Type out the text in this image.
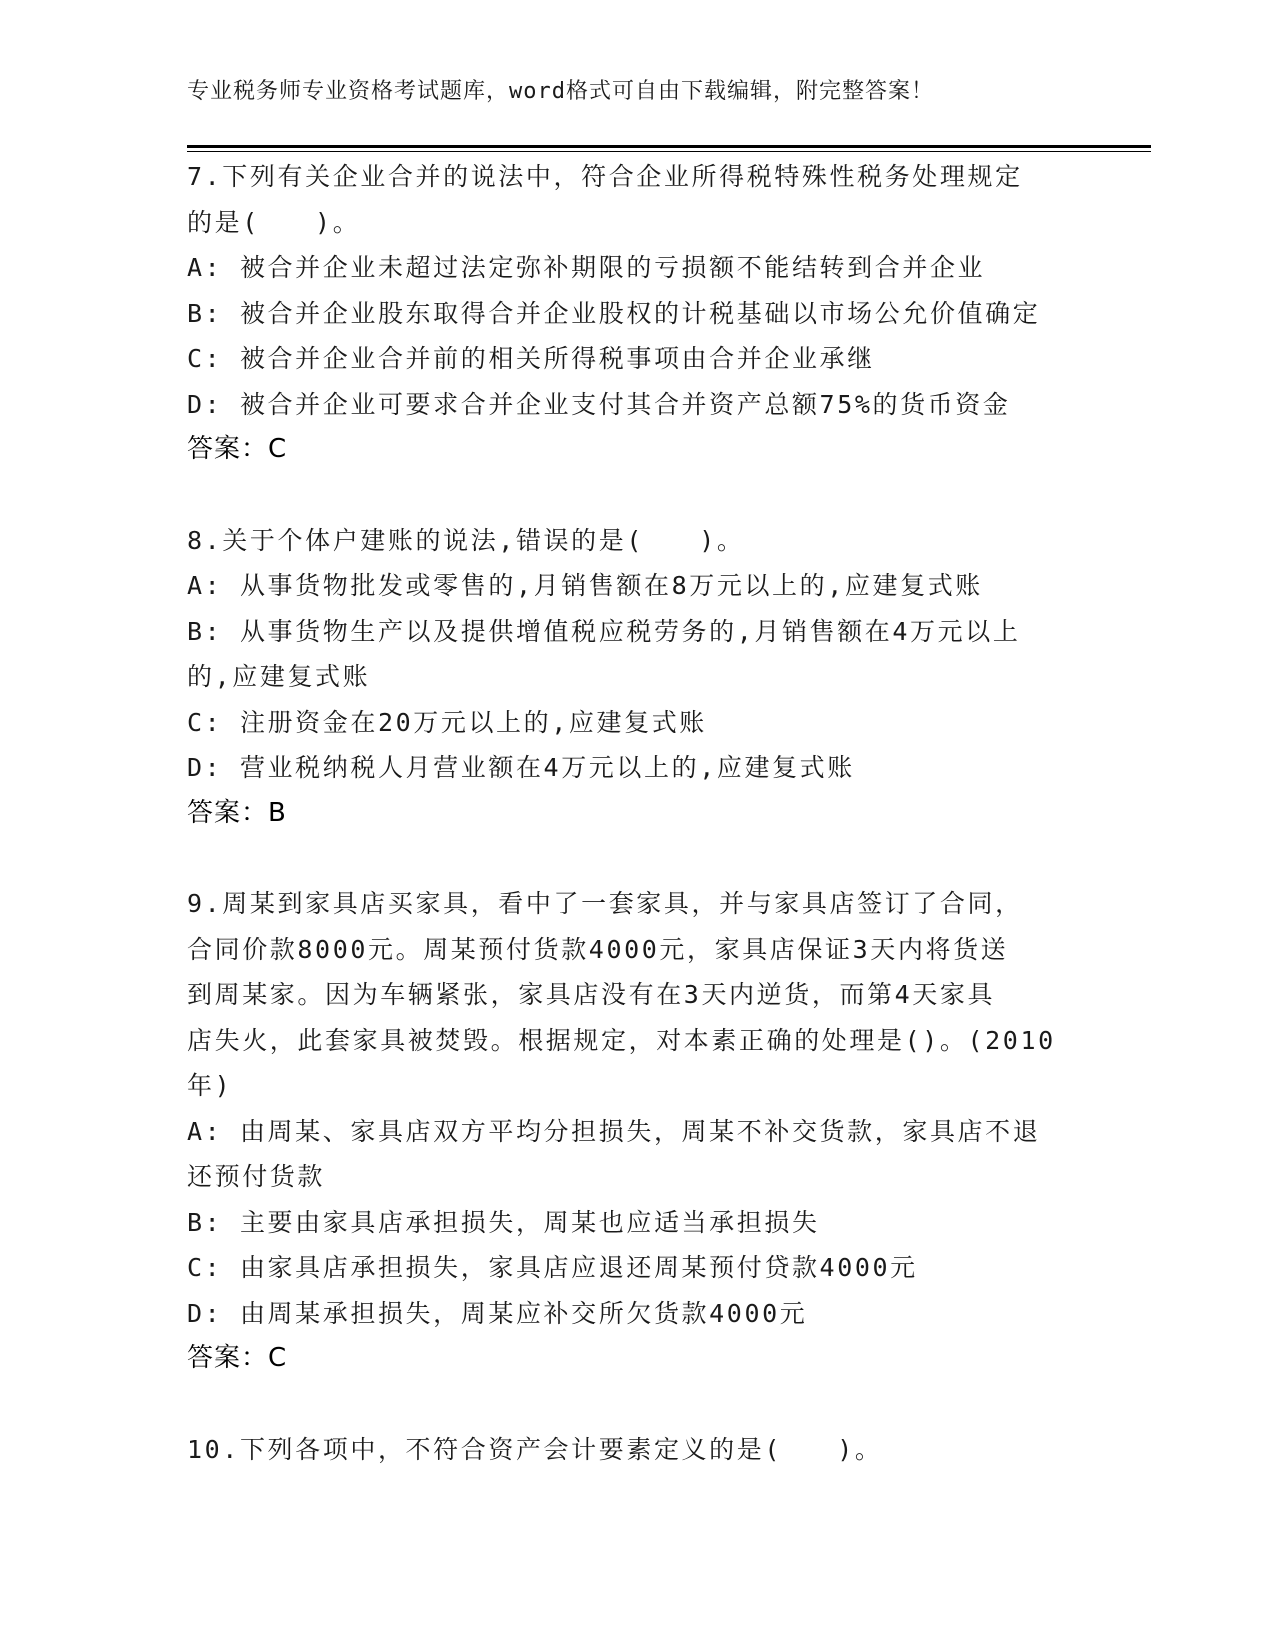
专业税务师专业资格考试题库，word格式可自由下载编辑，附完整答案！
7.下列有关企业合并的说法中，符合企业所得税特殊性税务处理规定
的是(　　)。
A: 被合并企业未超过法定弥补期限的亏损额不能结转到合并企业
B: 被合并企业股东取得合并企业股权的计税基础以市场公允价值确定
C: 被合并企业合并前的相关所得税事项由合并企业承继
D: 被合并企业可要求合并企业支付其合并资产总额75%的货币资金
答案：C
8.关于个体户建账的说法,错误的是(　　)。
A: 从事货物批发或零售的,月销售额在8万元以上的,应建复式账
B: 从事货物生产以及提供增值税应税劳务的,月销售额在4万元以上
的,应建复式账
C: 注册资金在20万元以上的,应建复式账
D: 营业税纳税人月营业额在4万元以上的,应建复式账
答案：B
9.周某到家具店买家具，看中了一套家具，并与家具店签订了合同，
合同价款8000元。周某预付货款4000元，家具店保证3天内将货送
到周某家。因为车辆紧张，家具店没有在3天内逆货，而第4天家具
店失火，此套家具被焚毁。根据规定，对本素正确的处理是()。(2010
年)
A: 由周某、家具店双方平均分担损失，周某不补交货款，家具店不退
还预付货款
B: 主要由家具店承担损失，周某也应适当承担损失
C: 由家具店承担损失，家具店应退还周某预付贷款4000元
D: 由周某承担损失，周某应补交所欠货款4000元
答案：C
10.下列各项中，不符合资产会计要素定义的是(　　)。
